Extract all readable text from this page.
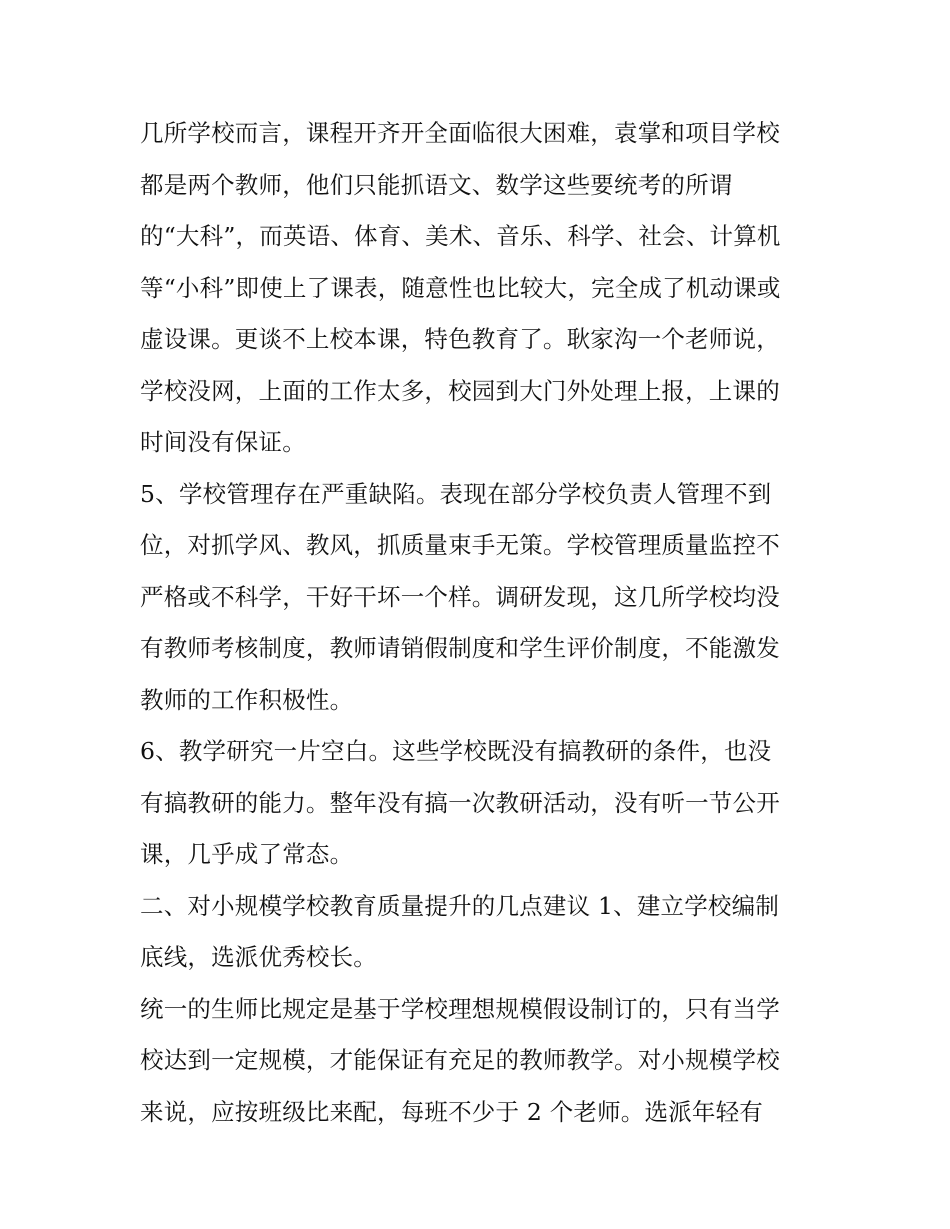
几所学校而言，课程开齐开全面临很大困难，袁掌和项目学校
都是两个教师，他们只能抓语文、数学这些要统考的所谓
的“大科”，而英语、体育、美术、音乐、科学、社会、计算机
等“小科”即使上了课表，随意性也比较大，完全成了机动课或
虚设课。更谈不上校本课，特色教育了。耿家沟一个老师说，
学校没网，上面的工作太多，校园到大门外处理上报，上课的
时间没有保证。
5、学校管理存在严重缺陷。表现在部分学校负责人管理不到
位，对抓学风、教风，抓质量束手无策。学校管理质量监控不
严格或不科学，干好干坏一个样。调研发现，这几所学校均没
有教师考核制度，教师请销假制度和学生评价制度，不能激发
教师的工作积极性。
6、教学研究一片空白。这些学校既没有搞教研的条件，也没
有搞教研的能力。整年没有搞一次教研活动，没有听一节公开
课，几乎成了常态。
二、对小规模学校教育质量提升的几点建议 1、建立学校编制
底线，选派优秀校长。
统一的生师比规定是基于学校理想规模假设制订的，只有当学
校达到一定规模，才能保证有充足的教师教学。对小规模学校
来说，应按班级比来配，每班不少于 2 个老师。选派年轻有
